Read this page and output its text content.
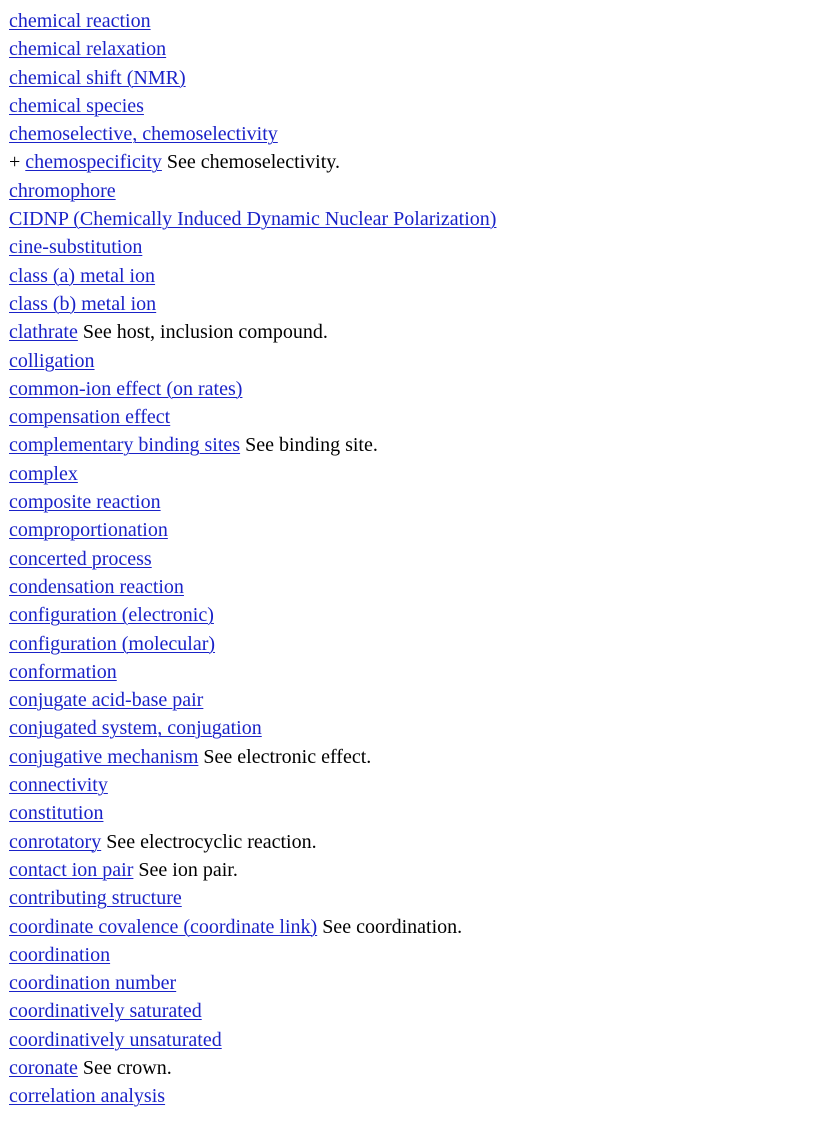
chemical reaction
chemical relaxation
chemical shift (NMR)
chemical species
chemoselective, chemoselectivity
+ chemospecificity See chemoselectivity.
chromophore
CIDNP (Chemically Induced Dynamic Nuclear Polarization)
cine-substitution
class (a) metal ion
class (b) metal ion
clathrate See host, inclusion compound.
colligation
common-ion effect (on rates)
compensation effect
complementary binding sites See binding site.
complex
composite reaction
comproportionation
concerted process
condensation reaction
configuration (electronic)
configuration (molecular)
conformation
conjugate acid-base pair
conjugated system, conjugation
conjugative mechanism See electronic effect.
connectivity
constitution
conrotatory See electrocyclic reaction.
contact ion pair See ion pair.
contributing structure
coordinate covalence (coordinate link) See coordination.
coordination
coordination number
coordinatively saturated
coordinatively unsaturated
coronate See crown.
correlation analysis
